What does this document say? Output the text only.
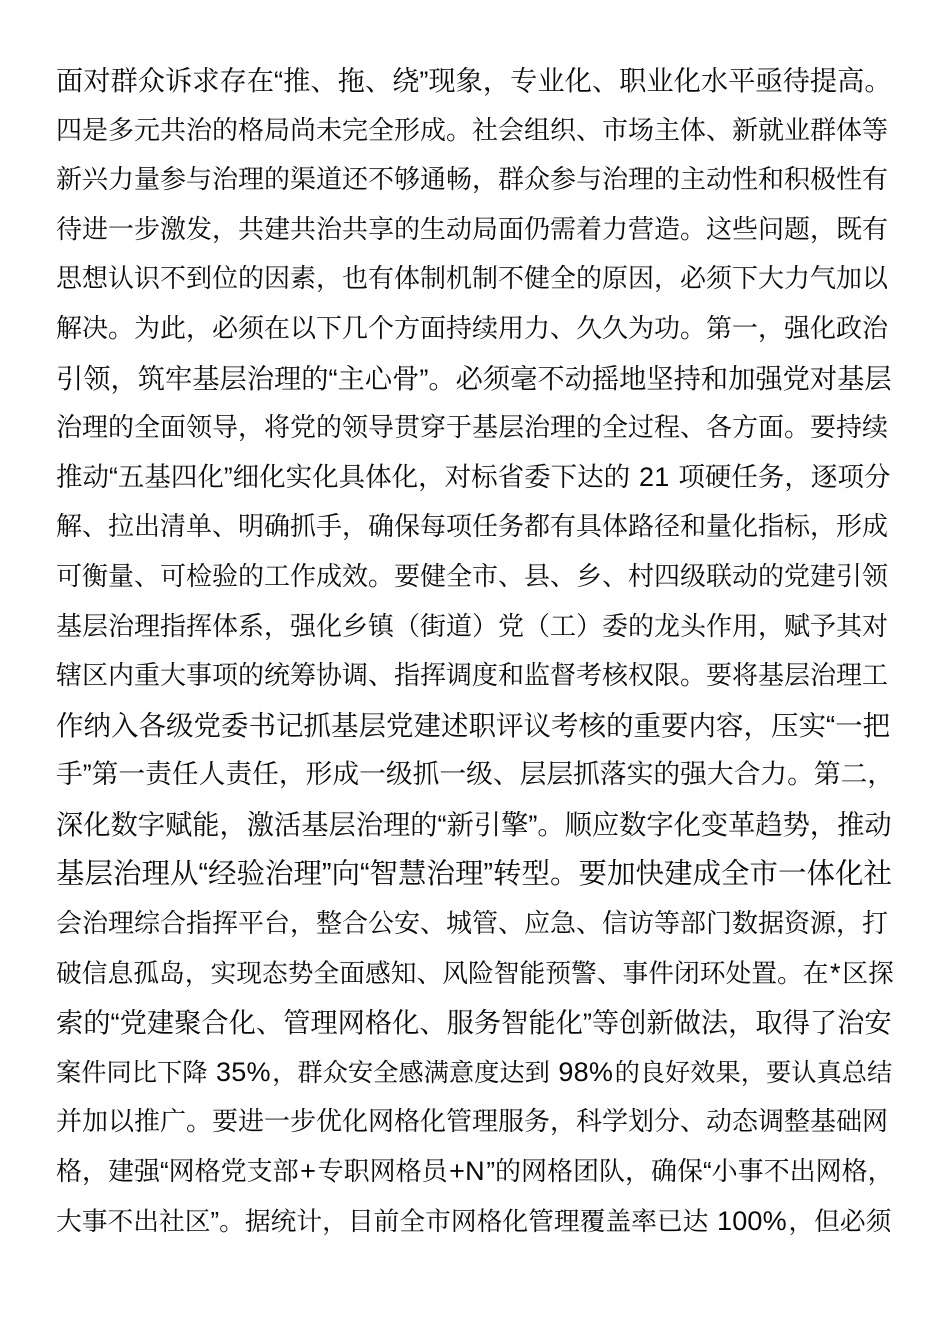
面对群众诉求存在“推、拖、绕”现象，专业化、职业化水平亟待提高。
四是多元共治的格局尚未完全形成。社会组织、市场主体、新就业群体等
新兴力量参与治理的渠道还不够通畅，群众参与治理的主动性和积极性有
待进一步激发，共建共治共享的生动局面仍需着力营造。这些问题，既有
思想认识不到位的因素，也有体制机制不健全的原因，必须下大力气加以
解决。为此，必须在以下几个方面持续用力、久久为功。第一，强化政治
引领，筑牢基层治理的“主心骨”。必须毫不动摇地坚持和加强党对基层
治理的全面领导，将党的领导贯穿于基层治理的全过程、各方面。要持续
推动“五基四化”细化实化具体化，对标省委下达的 21 项硬任务，逐项分
解、拉出清单、明确抓手，确保每项任务都有具体路径和量化指标，形成
可衡量、可检验的工作成效。要健全市、县、乡、村四级联动的党建引领
基层治理指挥体系，强化乡镇（街道）党（工）委的龙头作用，赋予其对
辖区内重大事项的统筹协调、指挥调度和监督考核权限。要将基层治理工
作纳入各级党委书记抓基层党建述职评议考核的重要内容，压实“一把
手”第一责任人责任，形成一级抓一级、层层抓落实的强大合力。第二，
深化数字赋能，激活基层治理的“新引擎”。顺应数字化变革趋势，推动
基层治理从“经验治理”向“智慧治理”转型。要加快建成全市一体化社
会治理综合指挥平台，整合公安、城管、应急、信访等部门数据资源，打
破信息孤岛，实现态势全面感知、风险智能预警、事件闭环处置。在*区探
索的“党建聚合化、管理网格化、服务智能化”等创新做法，取得了治安
案件同比下降 35%，群众安全感满意度达到 98%的良好效果，要认真总结
并加以推广。要进一步优化网格化管理服务，科学划分、动态调整基础网
格，建强“网格党支部+专职网格员+N”的网格团队，确保“小事不出网格，
大事不出社区”。据统计，目前全市网格化管理覆盖率已达 100%，但必须
